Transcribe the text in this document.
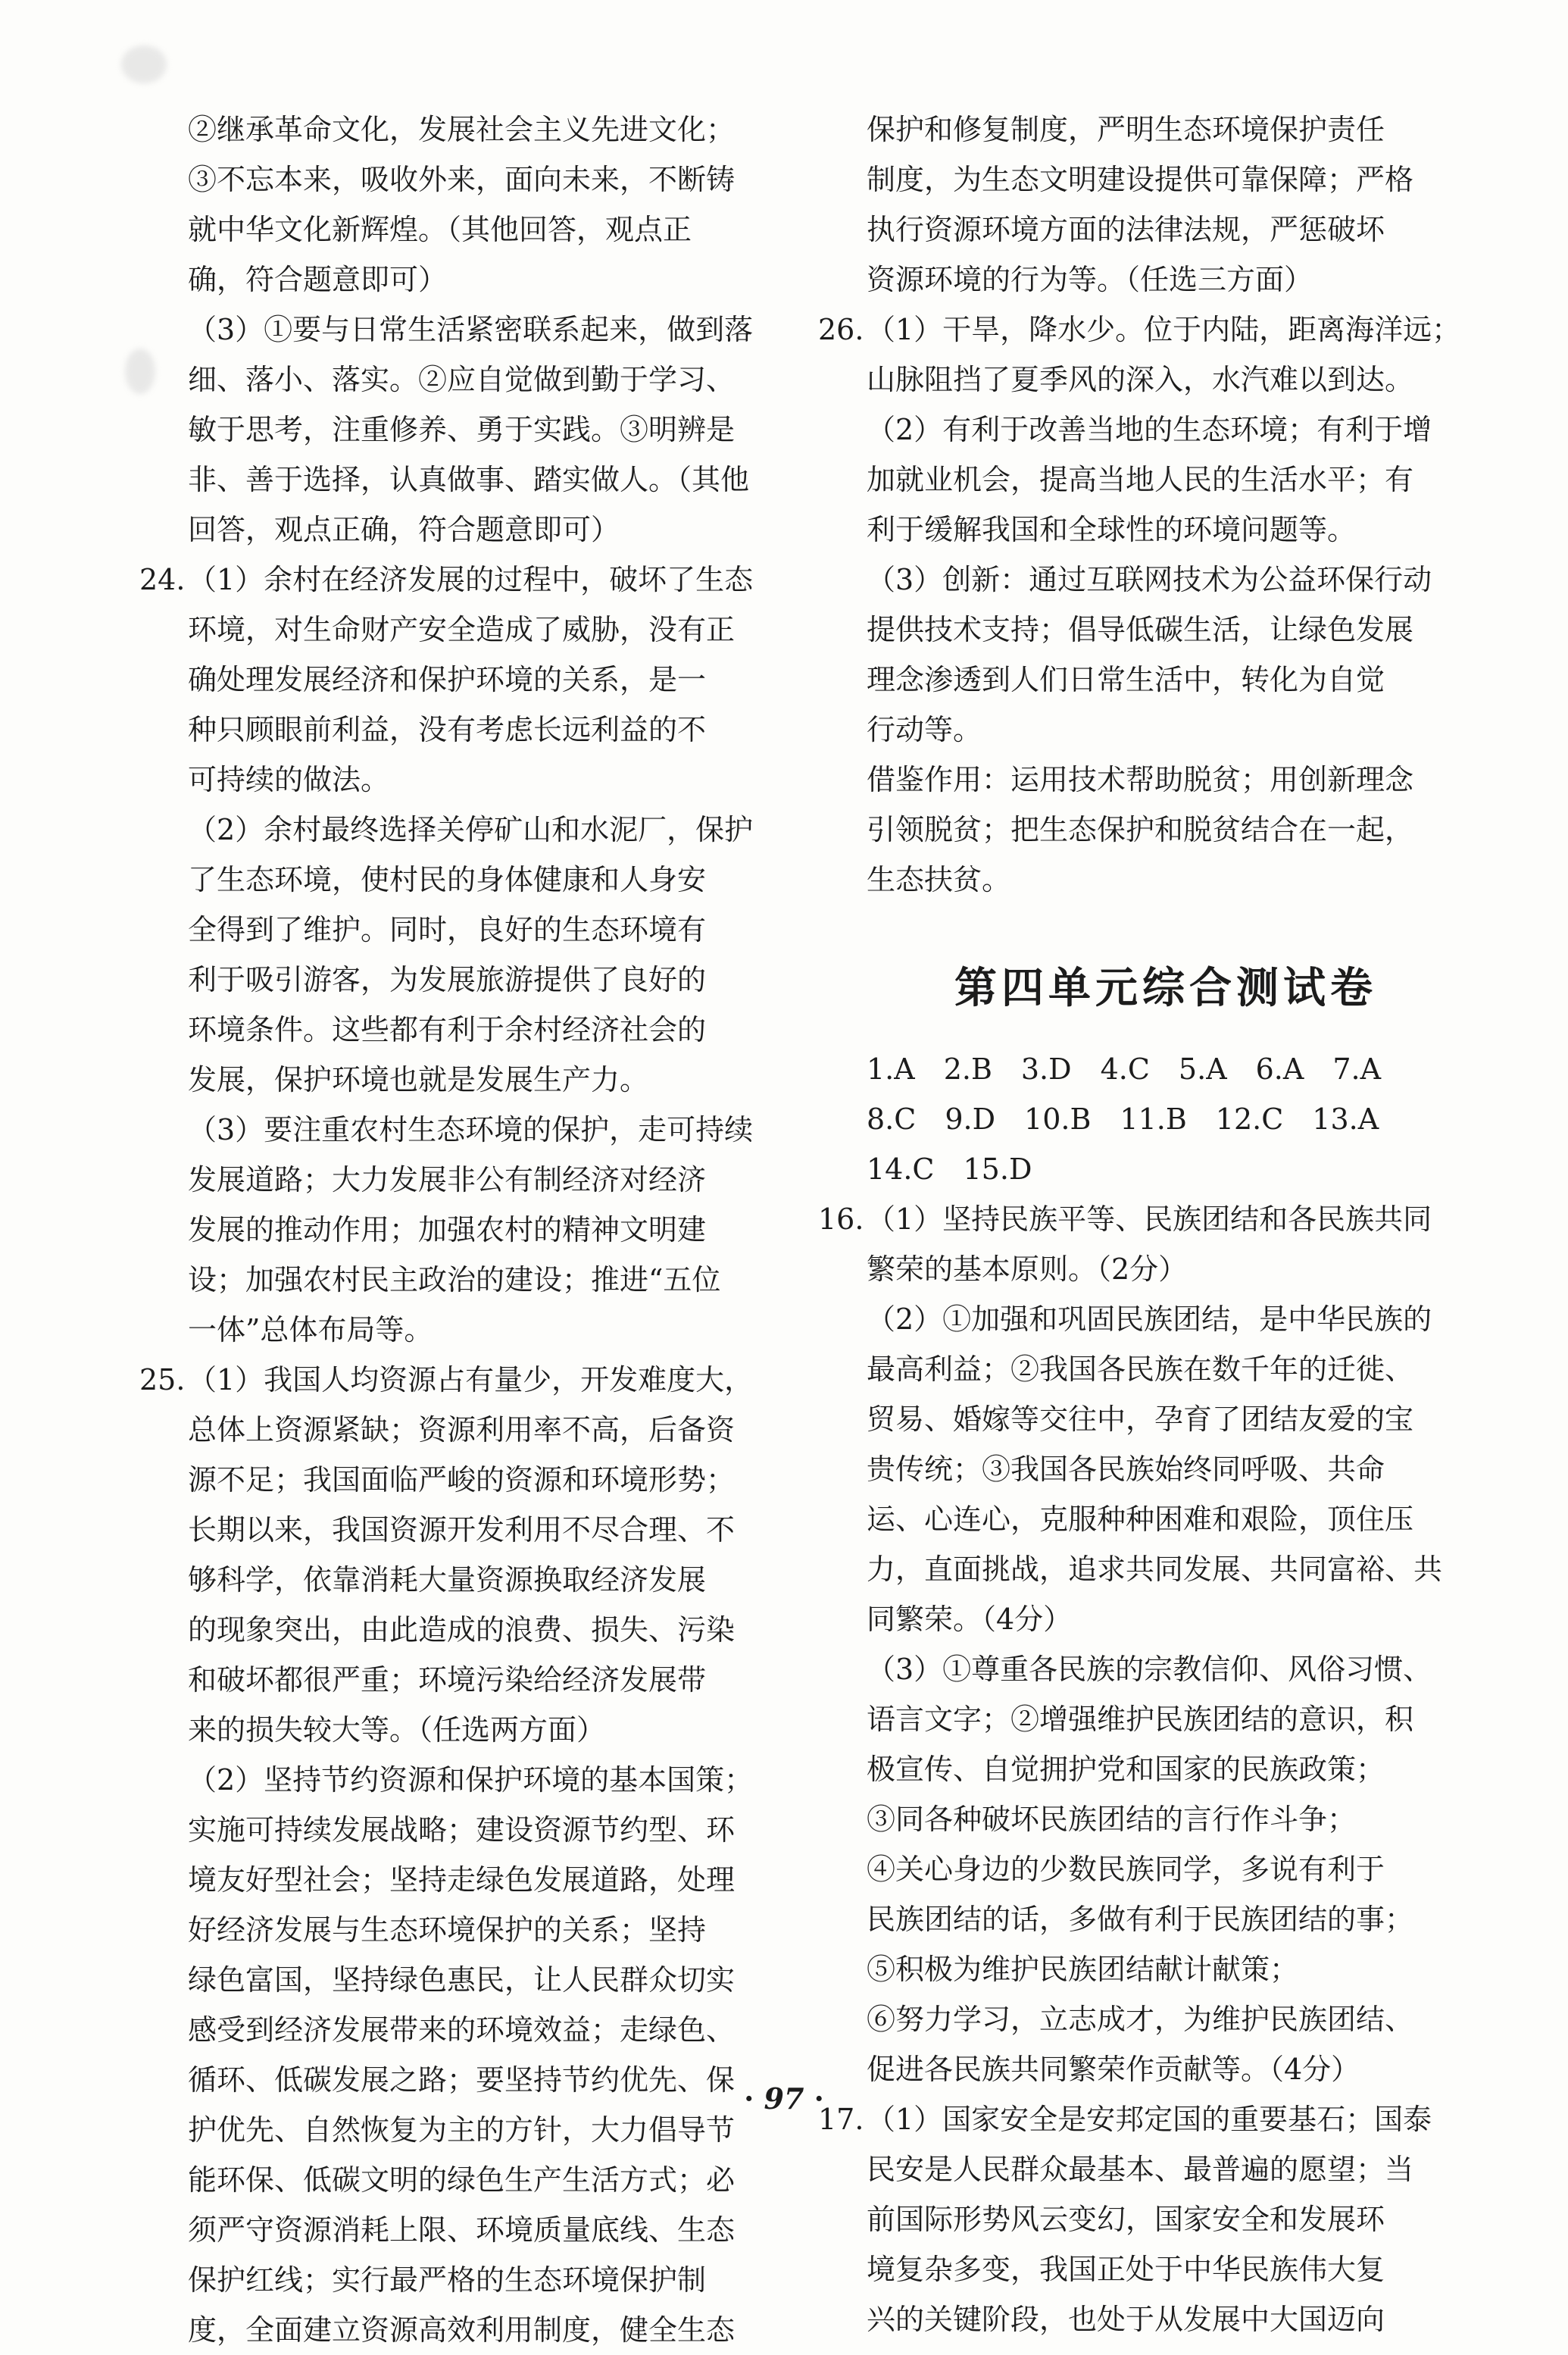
②继承革命文化，发展社会主义先进文化；
③不忘本来，吸收外来，面向未来，不断铸
就中华文化新辉煌。（其他回答，观点正
确，符合题意即可）
（3）①要与日常生活紧密联系起来，做到落
细、落小、落实。②应自觉做到勤于学习、
敏于思考，注重修养、勇于实践。③明辨是
非、善于选择，认真做事、踏实做人。（其他
回答，观点正确，符合题意即可）
24.（1）余村在经济发展的过程中，破坏了生态
环境，对生命财产安全造成了威胁，没有正
确处理发展经济和保护环境的关系，是一
种只顾眼前利益，没有考虑长远利益的不
可持续的做法。
（2）余村最终选择关停矿山和水泥厂，保护
了生态环境，使村民的身体健康和人身安
全得到了维护。同时，良好的生态环境有
利于吸引游客，为发展旅游提供了良好的
环境条件。这些都有利于余村经济社会的
发展，保护环境也就是发展生产力。
（3）要注重农村生态环境的保护，走可持续
发展道路；大力发展非公有制经济对经济
发展的推动作用；加强农村的精神文明建
设；加强农村民主政治的建设；推进“五位
一体”总体布局等。
25.（1）我国人均资源占有量少，开发难度大，
总体上资源紧缺；资源利用率不高，后备资
源不足；我国面临严峻的资源和环境形势；
长期以来，我国资源开发利用不尽合理、不
够科学，依靠消耗大量资源换取经济发展
的现象突出，由此造成的浪费、损失、污染
和破坏都很严重；环境污染给经济发展带
来的损失较大等。（任选两方面）
（2）坚持节约资源和保护环境的基本国策；
实施可持续发展战略；建设资源节约型、环
境友好型社会；坚持走绿色发展道路，处理
好经济发展与生态环境保护的关系；坚持
绿色富国，坚持绿色惠民，让人民群众切实
感受到经济发展带来的环境效益；走绿色、
循环、低碳发展之路；要坚持节约优先、保
护优先、自然恢复为主的方针，大力倡导节
能环保、低碳文明的绿色生产生活方式；必
须严守资源消耗上限、环境质量底线、生态
保护红线；实行最严格的生态环境保护制
度，全面建立资源高效利用制度，健全生态
保护和修复制度，严明生态环境保护责任
制度，为生态文明建设提供可靠保障；严格
执行资源环境方面的法律法规，严惩破坏
资源环境的行为等。（任选三方面）
26.（1）干旱，降水少。位于内陆，距离海洋远；
山脉阻挡了夏季风的深入，水汽难以到达。
（2）有利于改善当地的生态环境；有利于增
加就业机会，提高当地人民的生活水平；有
利于缓解我国和全球性的环境问题等。
（3）创新：通过互联网技术为公益环保行动
提供技术支持；倡导低碳生活，让绿色发展
理念渗透到人们日常生活中，转化为自觉
行动等。
借鉴作用：运用技术帮助脱贫；用创新理念
引领脱贫；把生态保护和脱贫结合在一起，
生态扶贫。
第四单元综合测试卷
1.A　2.B　3.D　4.C　5.A　6.A　7.A
8.C　9.D　10.B　11.B　12.C　13.A
14.C　15.D
16.（1）坚持民族平等、民族团结和各民族共同
繁荣的基本原则。（2分）
（2）①加强和巩固民族团结，是中华民族的
最高利益；②我国各民族在数千年的迁徙、
贸易、婚嫁等交往中，孕育了团结友爱的宝
贵传统；③我国各民族始终同呼吸、共命
运、心连心，克服种种困难和艰险，顶住压
力，直面挑战，追求共同发展、共同富裕、共
同繁荣。（4分）
（3）①尊重各民族的宗教信仰、风俗习惯、
语言文字；②增强维护民族团结的意识，积
极宣传、自觉拥护党和国家的民族政策；
③同各种破坏民族团结的言行作斗争；
④关心身边的少数民族同学，多说有利于
民族团结的话，多做有利于民族团结的事；
⑤积极为维护民族团结献计献策；
⑥努力学习，立志成才，为维护民族团结、
促进各民族共同繁荣作贡献等。（4分）
17.（1）国家安全是安邦定国的重要基石；国泰
民安是人民群众最基本、最普遍的愿望；当
前国际形势风云变幻，国家安全和发展环
境复杂多变，我国正处于中华民族伟大复
兴的关键阶段，也处于从发展中大国迈向
· 97 ·
